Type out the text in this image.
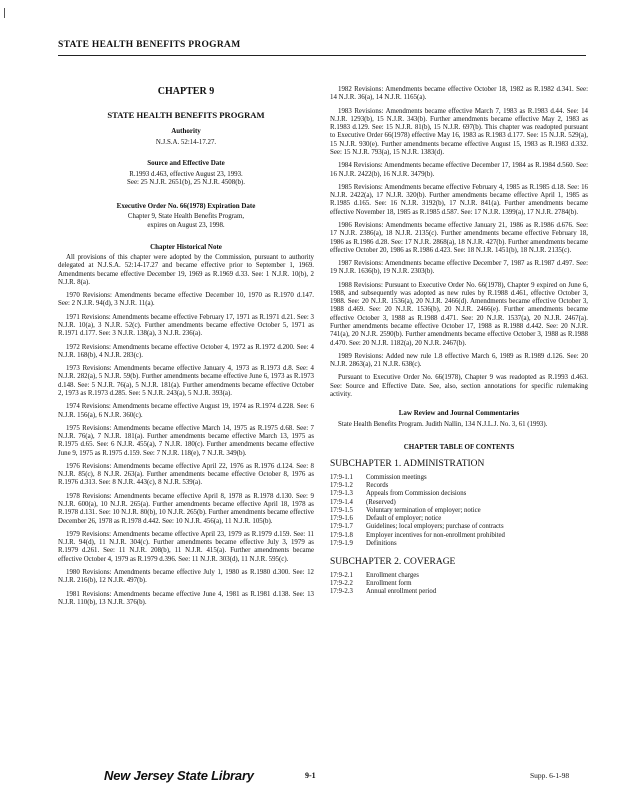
STATE HEALTH BENEFITS PROGRAM
CHAPTER 9
STATE HEALTH BENEFITS PROGRAM
Authority
N.J.S.A. 52:14-17.27.
Source and Effective Date
R.1993 d.463, effective August 23, 1993.
See: 25 N.J.R. 2651(b), 25 N.J.R. 4508(b).
Executive Order No. 66(1978) Expiration Date
Chapter 9, State Health Benefits Program,
expires on August 23, 1998.
Chapter Historical Note

All provisions of this chapter were adopted by the Commission, pursuant to authority delegated at N.J.S.A. 52:14-17.27 and became effective prior to September 1, 1969. Amendments became effective December 19, 1969 as R.1969 d.33. See: 1 N.J.R. 10(b), 2 N.J.R. 8(a).

1970 Revisions: Amendments became effective December 10, 1970 as R.1970 d.147. See: 2 N.J.R. 94(d), 3 N.J.R. 11(a).

1971 Revisions: Amendments became effective February 17, 1971 as R.1971 d.21. See: 3 N.J.R. 10(a), 3 N.J.R. 52(c). Further amendments became effective October 5, 1971 as R.1971 d.177. See: 3 N.J.R. 138(a), 3 N.J.R. 236(a).

1972 Revisions: Amendments became effective October 4, 1972 as R.1972 d.200. See: 4 N.J.R. 168(b), 4 N.J.R. 283(c).

1973 Revisions: Amendments became effective January 4, 1973 as R.1973 d.8. See: 4 N.J.R. 282(a), 5 N.J.R. 59(b). Further amendments became effective June 6, 1973 as R.1973 d.148. See: 5 N.J.R. 76(a), 5 N.J.R. 181(a). Further amendments became effective October 2, 1973 as R.1973 d.285. See: 5 N.J.R. 243(a), 5 N.J.R. 393(a).

1974 Revisions: Amendments became effective August 19, 1974 as R.1974 d.228. See: 6 N.J.R. 156(a), 6 N.J.R. 360(c).

1975 Revisions: Amendments became effective March 14, 1975 as R.1975 d.68. See: 7 N.J.R. 76(a), 7 N.J.R. 181(a). Further amendments became effective March 13, 1975 as R.1975 d.65. See: 6 N.J.R. 455(a), 7 N.J.R. 180(c). Further amendments became effective June 9, 1975 as R.1975 d.159. See: 7 N.J.R. 118(e), 7 N.J.R. 349(b).

1976 Revisions: Amendments became effective April 22, 1976 as R.1976 d.124. See: 8 N.J.R. 85(c), 8 N.J.R. 263(a). Further amendments became effective October 8, 1976 as R.1976 d.313. See: 8 N.J.R. 443(c), 8 N.J.R. 539(a).

1978 Revisions: Amendments became effective April 8, 1978 as R.1978 d.130. See: 9 N.J.R. 600(a), 10 N.J.R. 265(a). Further amendments became effective April 18, 1978 as R.1978 d.131. See: 10 N.J.R. 80(b), 10 N.J.R. 265(b). Further amendments became effective December 26, 1978 as R.1978 d.442. See: 10 N.J.R. 456(a), 11 N.J.R. 105(b).

1979 Revisions: Amendments became effective April 23, 1979 as R.1979 d.159. See: 11 N.J.R. 94(d), 11 N.J.R. 304(c). Further amendments became effective July 3, 1979 as R.1979 d.261. See: 11 N.J.R. 208(b), 11 N.J.R. 415(a). Further amendments became effective October 4, 1979 as R.1979 d.396. See: 11 N.J.R. 303(d), 11 N.J.R. 595(c).

1980 Revisions: Amendments became effective July 1, 1980 as R.1980 d.300. See: 12 N.J.R. 216(b), 12 N.J.R. 497(b).

1981 Revisions: Amendments became effective June 4, 1981 as R.1981 d.138. See: 13 N.J.R. 110(b), 13 N.J.R. 376(b).

1982 Revisions: Amendments became effective October 18, 1982 as R.1982 d.341. See: 14 N.J.R. 36(a), 14 N.J.R. 1165(a).

1983 Revisions: Amendments became effective March 7, 1983 as R.1983 d.44. See: 14 N.J.R. 1293(b), 15 N.J.R. 343(b). Further amendments became effective May 2, 1983 as R.1983 d.129. See: 15 N.J.R. 81(b), 15 N.J.R. 697(b). This chapter was readopted pursuant to Executive Order 66(1978) effective May 16, 1983 as R.1983 d.177. See: 15 N.J.R. 529(a), 15 N.J.R. 930(e). Further amendments became effective August 15, 1983 as R.1983 d.332. See: 15 N.J.R. 793(a), 15 N.J.R. 1383(d).

1984 Revisions: Amendments became effective December 17, 1984 as R.1984 d.560. See: 16 N.J.R. 2422(b), 16 N.J.R. 3479(b).

1985 Revisions: Amendments became effective February 4, 1985 as R.1985 d.18. See: 16 N.J.R. 2422(a), 17 N.J.R. 320(b). Further amendments became effective April 1, 1985 as R.1985 d.165. See: 16 N.J.R. 3192(b), 17 N.J.R. 841(a). Further amendments became effective November 18, 1985 as R.1985 d.587. See: 17 N.J.R. 1399(a), 17 N.J.R. 2784(b).

1986 Revisions: Amendments became effective January 21, 1986 as R.1986 d.676. See: 17 N.J.R. 2386(a), 18 N.J.R. 2135(c). Further amendments became effective February 18, 1986 as R.1986 d.28. See: 17 N.J.R. 2868(a), 18 N.J.R. 427(b). Further amendments became effective October 20, 1986 as R.1986 d.423. See: 18 N.J.R. 1451(b), 18 N.J.R. 2135(c).

1987 Revisions: Amendments became effective December 7, 1987 as R.1987 d.497. See: 19 N.J.R. 1636(b), 19 N.J.R. 2303(b).

1988 Revisions: Pursuant to Executive Order No. 66(1978), Chapter 9 expired on June 6, 1988, and subsequently was adopted as new rules by R.1988 d.461, effective October 3, 1988. See: 20 N.J.R. 1536(a), 20 N.J.R. 2466(d). Amendments became effective October 3, 1988 d.469. See: 20 N.J.R. 1536(b), 20 N.J.R. 2466(e). Further amendments became effective October 3, 1988 as R.1988 d.471. See: 20 N.J.R. 1537(a), 20 N.J.R. 2467(a). Further amendments became effective October 17, 1988 as R.1988 d.442. See: 20 N.J.R. 741(a), 20 N.J.R. 2590(b). Further amendments became effective October 3, 1988 as R.1988 d.470. See: 20 N.J.R. 1182(a), 20 N.J.R. 2467(b).

1989 Revisions: Added new rule 1.8 effective March 6, 1989 as R.1989 d.126. See: 20 N.J.R. 2863(a), 21 N.J.R. 638(c).

Pursuant to Executive Order No. 66(1978), Chapter 9 was readopted as R.1993 d.463. See: Source and Effective Date. See, also, section annotations for specific rulemaking activity.

Law Review and Journal Commentaries

State Health Benefits Program. Judith Nallin, 134 N.J.L.J. No. 3, 61 (1993).

CHAPTER TABLE OF CONTENTS
SUBCHAPTER 1. ADMINISTRATION
17:9-1.1	Commission meetings
17:9-1.2	Records
17:9-1.3	Appeals from Commission decisions
17:9-1.4	(Reserved)
17:9-1.5	Voluntary termination of employer; notice
17:9-1.6	Default of employer; notice
17:9-1.7	Guidelines; local employers; purchase of contracts
17:9-1.8	Employer incentives for non-enrollment prohibited
17:9-1.9	Definitions
SUBCHAPTER 2. COVERAGE
17:9-2.1	Enrollment charges
17:9-2.2	Enrollment form
17:9-2.3	Annual enrollment period
New Jersey State Library	9-1	Supp. 6-1-98
